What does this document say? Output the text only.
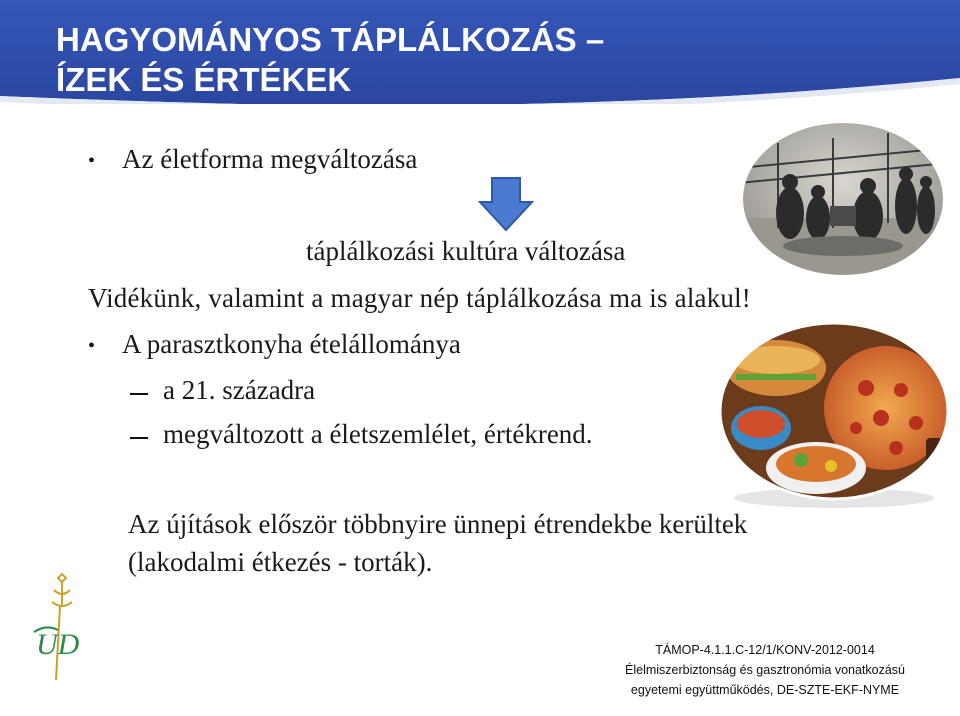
HAGYOMÁNYOS TÁPLÁLKOZÁS –
ÍZEK ÉS ÉRTÉKEK
• Az életforma megváltozása
táplálkozási kultúra változása
Vidékünk, valamint a magyar nép táplálkozása ma is alakul!
• A parasztkonyha ételállománya
a 21. századra
megváltozott a életszemlélet, értékrend.
Az újítások először többnyire ünnepi étrendekbe kerültek
(lakodalmi étkezés - torták).
UD	TÁMOP-4.1.1.C-12/1/KONV-2012-0014
Élelmiszerbiztonság és gasztronómia vonatkozású
egyetemi együttműködés, DE-SZTE-EKF-NYME
